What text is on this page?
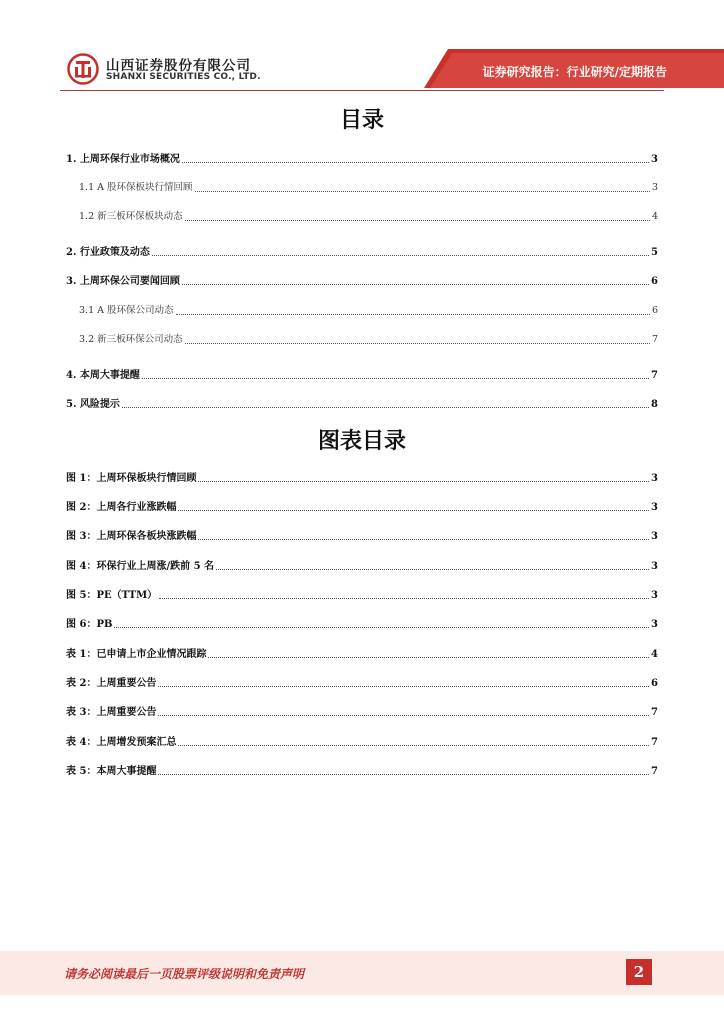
证券研究报告：行业研究/定期报告
山西证券股份有限公司
SHANXI SECURITIES CO., LTD.
目录
1. 上周环保行业市场概况	3
1.1 A 股环保板块行情回顾	3
1.2 新三板环保板块动态	4
2. 行业政策及动态	5
3. 上周环保公司要闻回顾	6
3.1 A 股环保公司动态	6
3.2 新三板环保公司动态	7
4. 本周大事提醒	7
5. 风险提示	8
图表目录
图 1：上周环保板块行情回顾	3
图 2：上周各行业涨跌幅	3
图 3：上周环保各板块涨跌幅	3
图 4：环保行业上周涨/跌前 5 名	3
图 5：PE（TTM）	3
图 6：PB	3
表 1：已申请上市企业情况跟踪	4
表 2：上周重要公告	6
表 3：上周重要公告	7
表 4：上周增发预案汇总	7
表 5：本周大事提醒	7
请务必阅读最后一页股票评级说明和免责声明	2
